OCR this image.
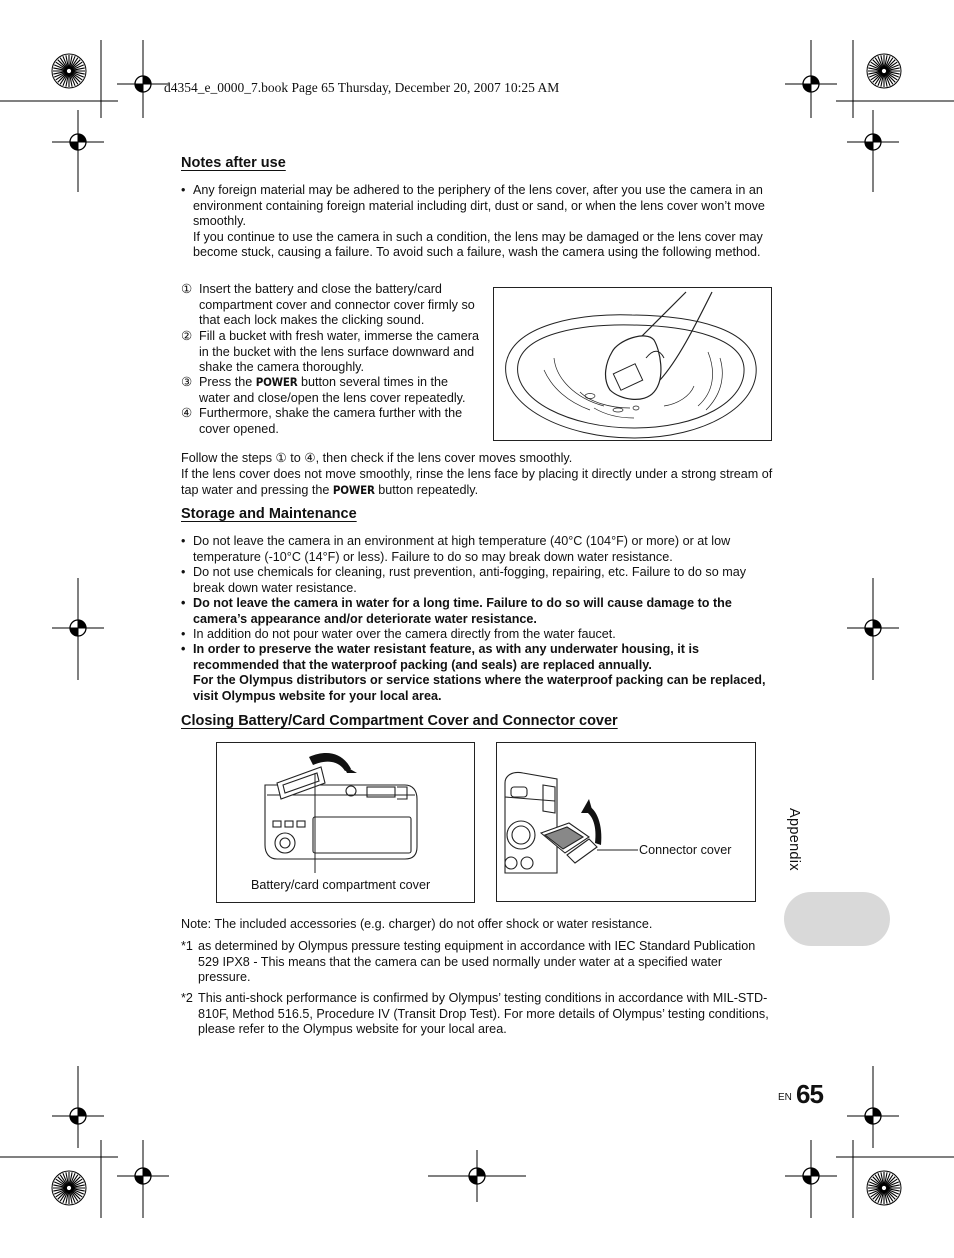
d4354_e_0000_7.book Page 65 Thursday, December 20, 2007 10:25 AM
Notes after use
• Any foreign material may be adhered to the periphery of the lens cover, after you use the camera in an environment containing foreign material including dirt, dust or sand, or when the lens cover won’t move smoothly.
If you continue to use the camera in such a condition, the lens may be damaged or the lens cover may become stuck, causing a failure. To avoid such a failure, wash the camera using the following method.
① Insert the battery and close the battery/card compartment cover and connector cover firmly so that each lock makes the clicking sound.
② Fill a bucket with fresh water, immerse the camera in the bucket with the lens surface downward and shake the camera thoroughly.
③ Press the POWER button several times in the water and close/open the lens cover repeatedly.
④ Furthermore, shake the camera further with the cover opened.
Follow the steps ① to ④, then check if the lens cover moves smoothly.
If the lens cover does not move smoothly, rinse the lens face by placing it directly under a strong stream of tap water and pressing the POWER button repeatedly.
Storage and Maintenance
• Do not leave the camera in an environment at high temperature (40°C (104°F) or more) or at low temperature (-10°C (14°F) or less). Failure to do so may break down water resistance.
• Do not use chemicals for cleaning, rust prevention, anti-fogging, repairing, etc. Failure to do so may break down water resistance.
• Do not leave the camera in water for a long time. Failure to do so will cause damage to the camera’s appearance and/or deteriorate water resistance.
• In addition do not pour water over the camera directly from the water faucet.
• In order to preserve the water resistant feature, as with any underwater housing, it is recommended that the waterproof packing (and seals) are replaced annually.
For the Olympus distributors or service stations where the waterproof packing can be replaced, visit Olympus website for your local area.
Closing Battery/Card Compartment Cover and Connector cover
Battery/card compartment cover
Connector cover
Note: The included accessories (e.g. charger) do not offer shock or water resistance.
*1 as determined by Olympus pressure testing equipment in accordance with IEC Standard Publication 529 IPX8 - This means that the camera can be used normally under water at a specified water pressure.
*2 This anti-shock performance is confirmed by Olympus’ testing conditions in accordance with MIL-STD-810F, Method 516.5, Procedure IV (Transit Drop Test). For more details of Olympus’ testing conditions, please refer to the Olympus website for your local area.
Appendix
EN 65
